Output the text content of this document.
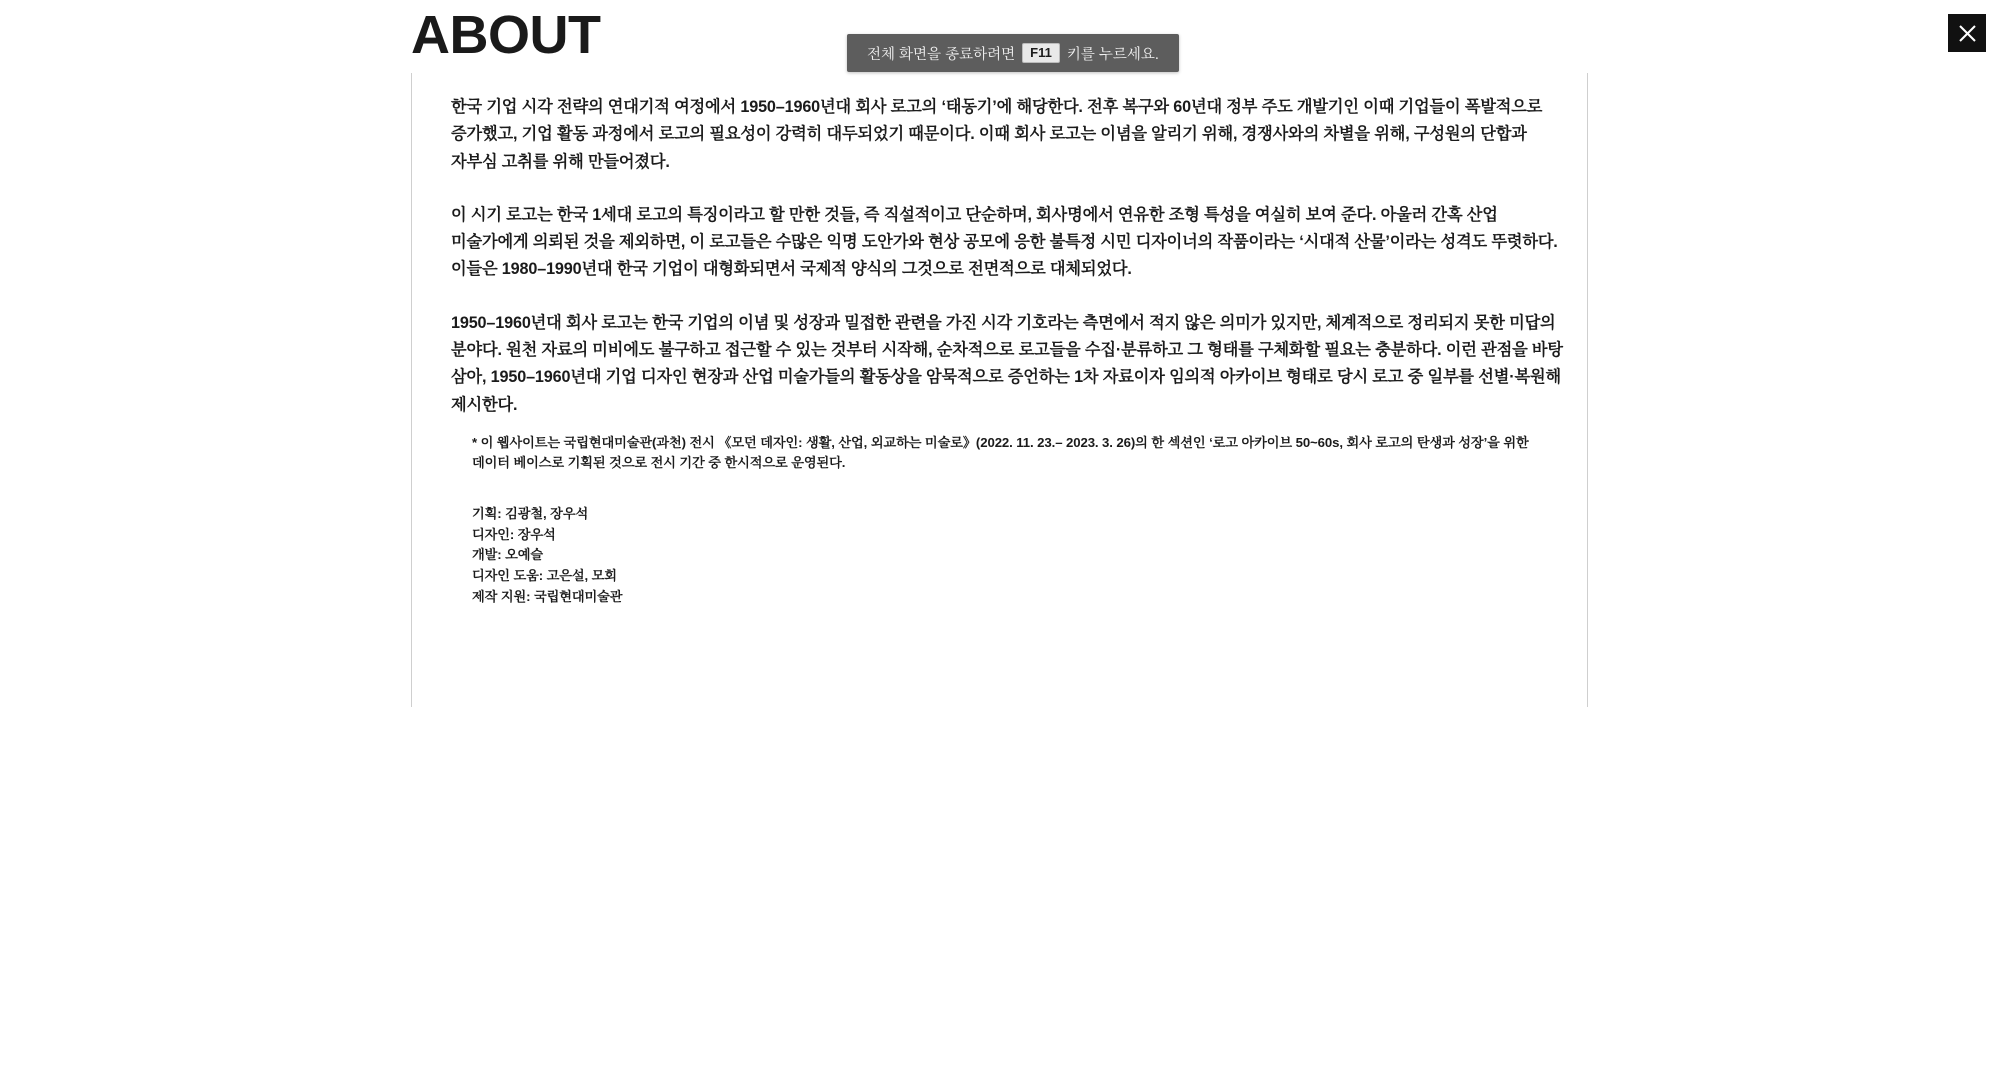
ABOUT	전체 화면을 종료하려면	F11	키를 누르세요.

한국 기업 시각 전략의 연대기적 여정에서 1950–1960년대 회사 로고의 ‘태동기’에 해당한다. 전후 복구와 60년대 정부 주도 개발기인 이때 기업들이 폭발적으로 증가했고, 기업 활동 과정에서 로고의 필요성이 강력히 대두되었기 때문이다. 이때 회사 로고는 이념을 알리기 위해, 경쟁사와의 차별을 위해, 구성원의 단합과 자부심 고취를 위해 만들어졌다.

이 시기 로고는 한국 1세대 로고의 특징이라고 할 만한 것들, 즉 직설적이고 단순하며, 회사명에서 연유한 조형 특성을 여실히 보여 준다. 아울러 간혹 산업 미술가에게 의뢰된 것을 제외하면, 이 로고들은 수많은 익명 도안가와 현상 공모에 응한 불특정 시민 디자이너의 작품이라는 ‘시대적 산물’이라는 성격도 뚜렷하다. 이들은 1980–1990년대 한국 기업이 대형화되면서 국제적 양식의 그것으로 전면적으로 대체되었다.

1950–1960년대 회사 로고는 한국 기업의 이념 및 성장과 밀접한 관련을 가진 시각 기호라는 측면에서 적지 않은 의미가 있지만, 체계적으로 정리되지 못한 미답의 분야다. 원천 자료의 미비에도 불구하고 접근할 수 있는 것부터 시작해, 순차적으로 로고들을 수집·분류하고 그 형태를 구체화할 필요는 충분하다. 이런 관점을 바탕 삼아, 1950–1960년대 기업 디자인 현장과 산업 미술가들의 활동상을 암묵적으로 증언하는 1차 자료이자 임의적 아카이브 형태로 당시 로고 중 일부를 선별·복원해 제시한다.

* 이 웹사이트는 국립현대미술관(과천) 전시 《모던 데자인: 생활, 산업, 외교하는 미술로》(2022. 11. 23.– 2023. 3. 26)의 한 섹션인 ‘로고 아카이브 50~60s, 회사 로고의 탄생과 성장’을 위한 데이터 베이스로 기획된 것으로 전시 기간 중 한시적으로 운영된다.
기획: 김광철, 장우석
디자인: 장우석
개발: 오예슬
디자인 도움: 고은설, 모회
제작 지원: 국립현대미술관
